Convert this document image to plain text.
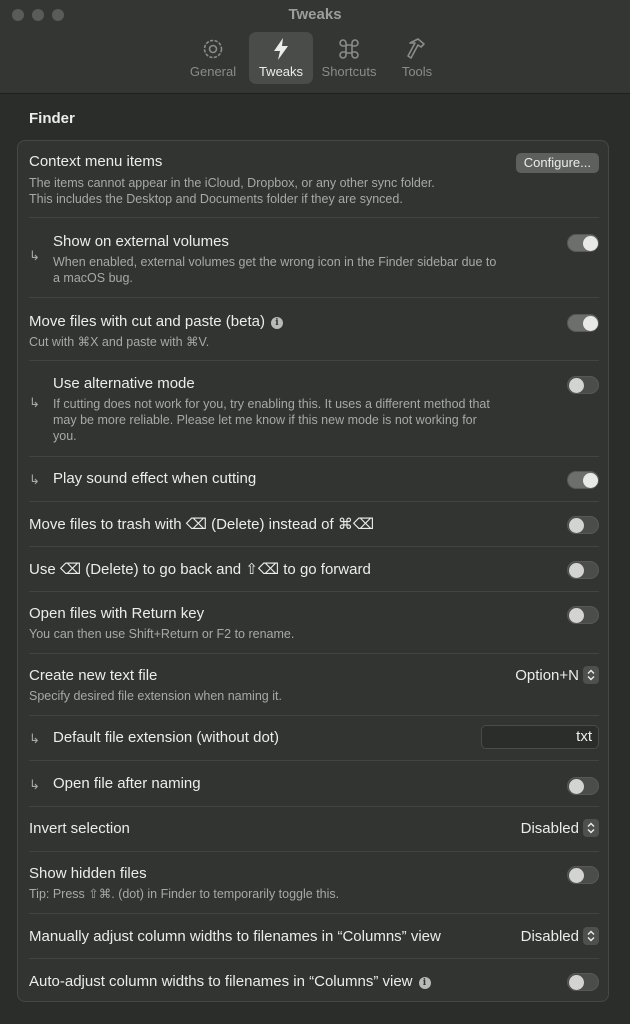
Tweaks
General Tweaks Shortcuts Tools
Finder
Context menu items	Configure...
The items cannot appear in the iCloud, Dropbox, or any other sync folder.
This includes the Desktop and Documents folder if they are synced.
↳
Show on external volumes
When enabled, external volumes get the wrong icon in the Finder sidebar due to
a macOS bug.
Move files with cut and paste (beta) i
Cut with ⌘X and paste with ⌘V.
↳
Use alternative mode
If cutting does not work for you, try enabling this. It uses a different method that
may be more reliable. Please let me know if this new mode is not working for
you.
↳ Play sound effect when cutting
Move files to trash with ⌫ (Delete) instead of ⌘⌫
Use ⌫ (Delete) to go back and ⇧⌫ to go forward
Open files with Return key
You can then use Shift+Return or F2 to rename.
Create new text file	Option+N
Specify desired file extension when naming it.
↳ Default file extension (without dot)	txt
↳ Open file after naming
Invert selection	Disabled
Show hidden files
Tip: Press ⇧⌘. (dot) in Finder to temporarily toggle this.
Manually adjust column widths to filenames in “Columns” view	Disabled
Auto-adjust column widths to filenames in “Columns” view i
